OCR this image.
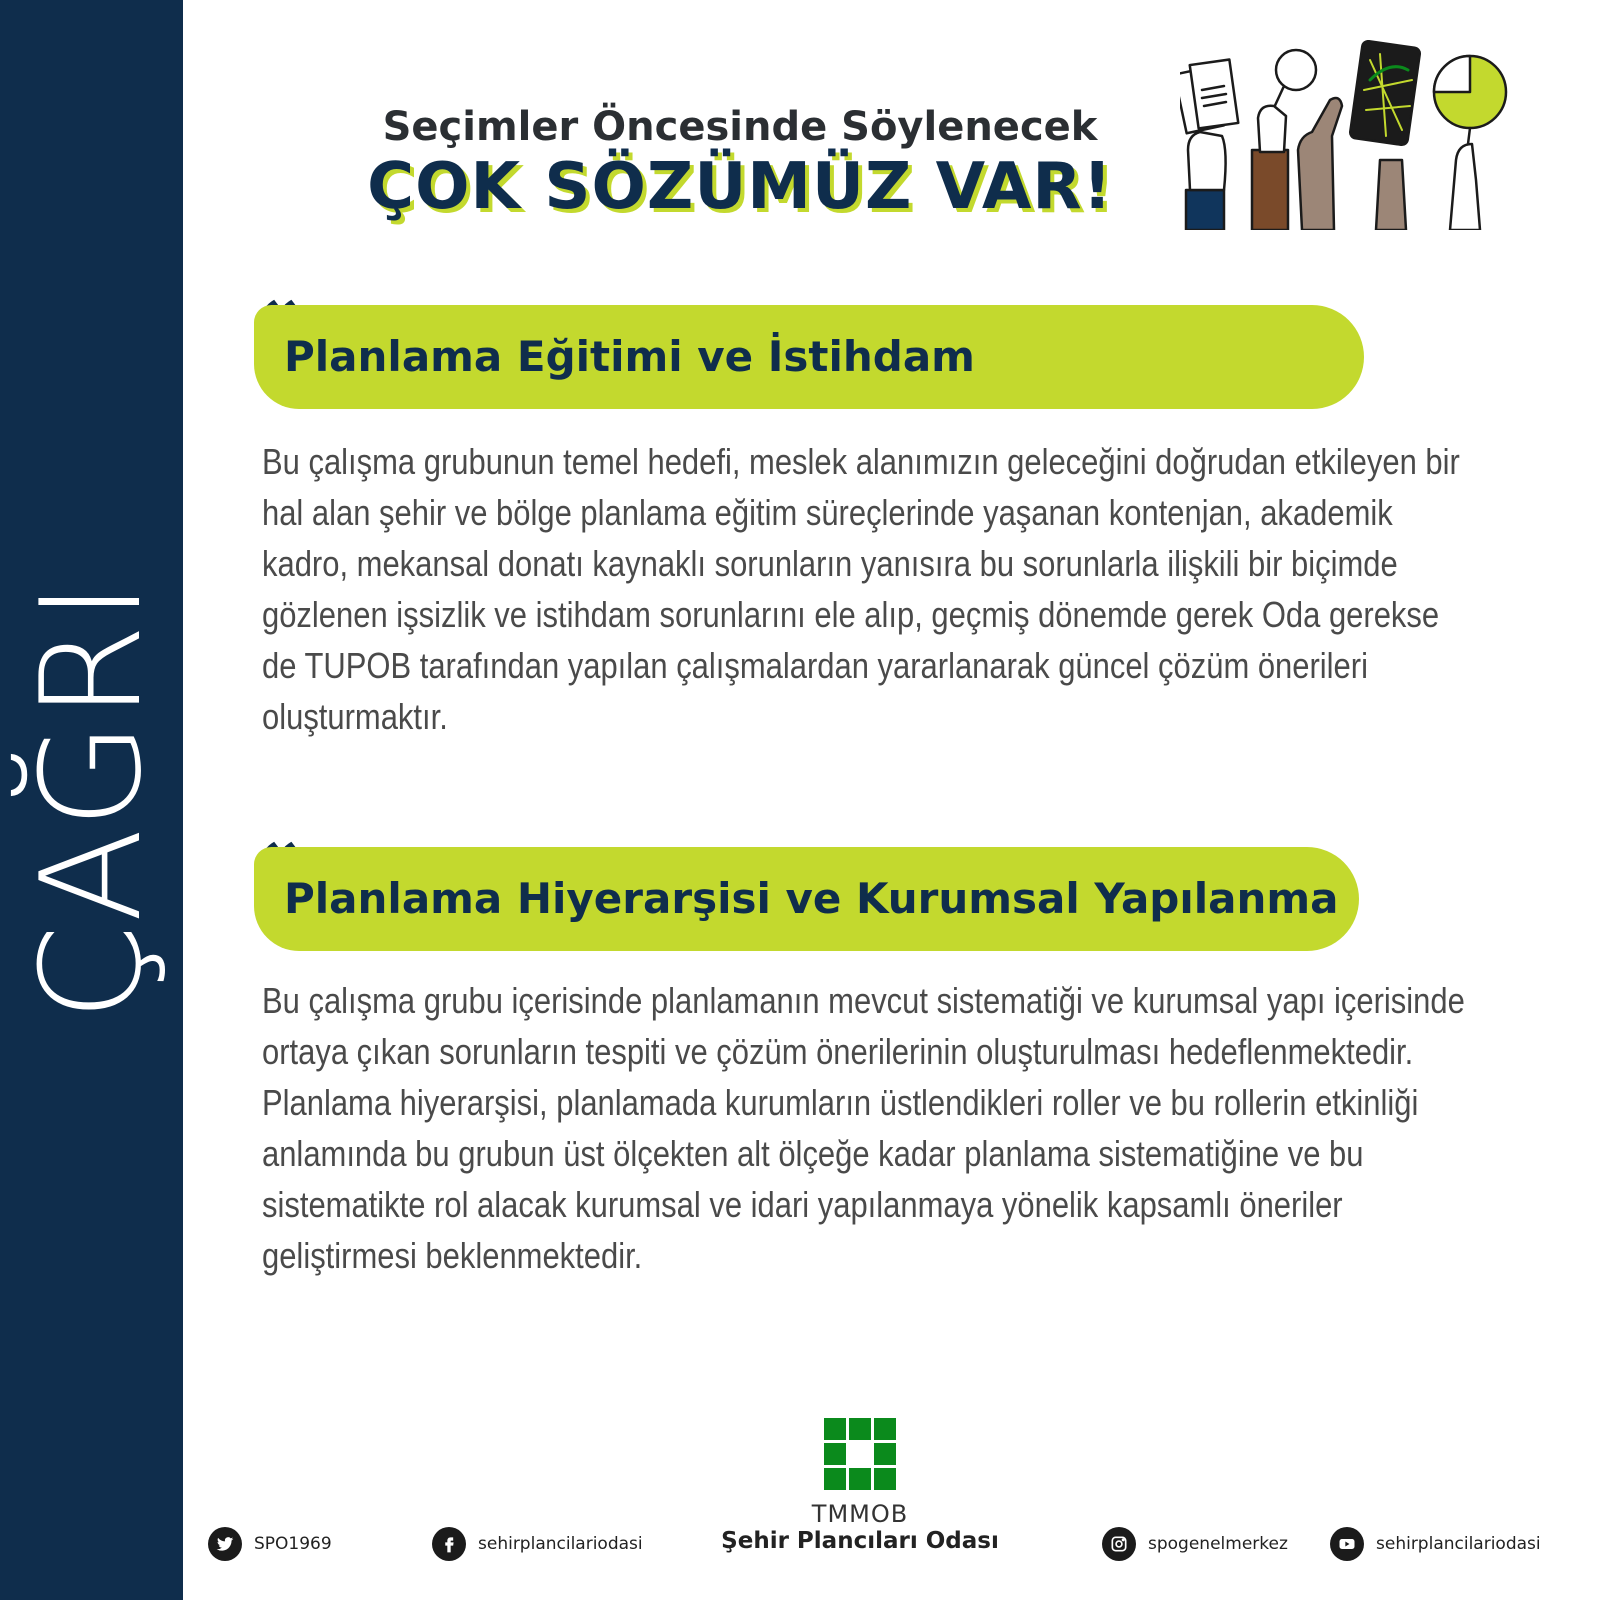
ÇAĞRI
Seçimler Öncesinde Söylenecek
ÇOK SÖZÜMÜZ VAR!
Planlama Eğitimi ve İstihdam
Bu çalışma grubunun temel hedefi, meslek alanımızın geleceğini doğrudan etkileyen bir hal alan şehir ve bölge planlama eğitim süreçlerinde yaşanan kontenjan, akademik kadro, mekansal donatı kaynaklı sorunların yanısıra bu sorunlarla ilişkili bir biçimde gözlenen işsizlik ve istihdam sorunlarını ele alıp, geçmiş dönemde gerek Oda gerekse de TUPOB tarafından yapılan çalışmalardan yararlanarak güncel çözüm önerileri oluşturmaktır.
Planlama Hiyerarşisi ve Kurumsal Yapılanma
Bu çalışma grubu içerisinde planlamanın mevcut sistematiği ve kurumsal yapı içerisinde ortaya çıkan sorunların tespiti ve çözüm önerilerinin oluşturulması hedeflenmektedir. Planlama hiyerarşisi, planlamada kurumların üstlendikleri roller ve bu rollerin etkinliği anlamında bu grubun üst ölçekten alt ölçeğe kadar planlama sistematiğine ve bu sistematikte rol alacak kurumsal ve idari yapılanmaya yönelik kapsamlı öneriler geliştirmesi beklenmektedir.
TMMOB
Şehir Plancıları Odası
SPO1969	sehirplancilariodasi	spogenelmerkez	sehirplancilariodasi
